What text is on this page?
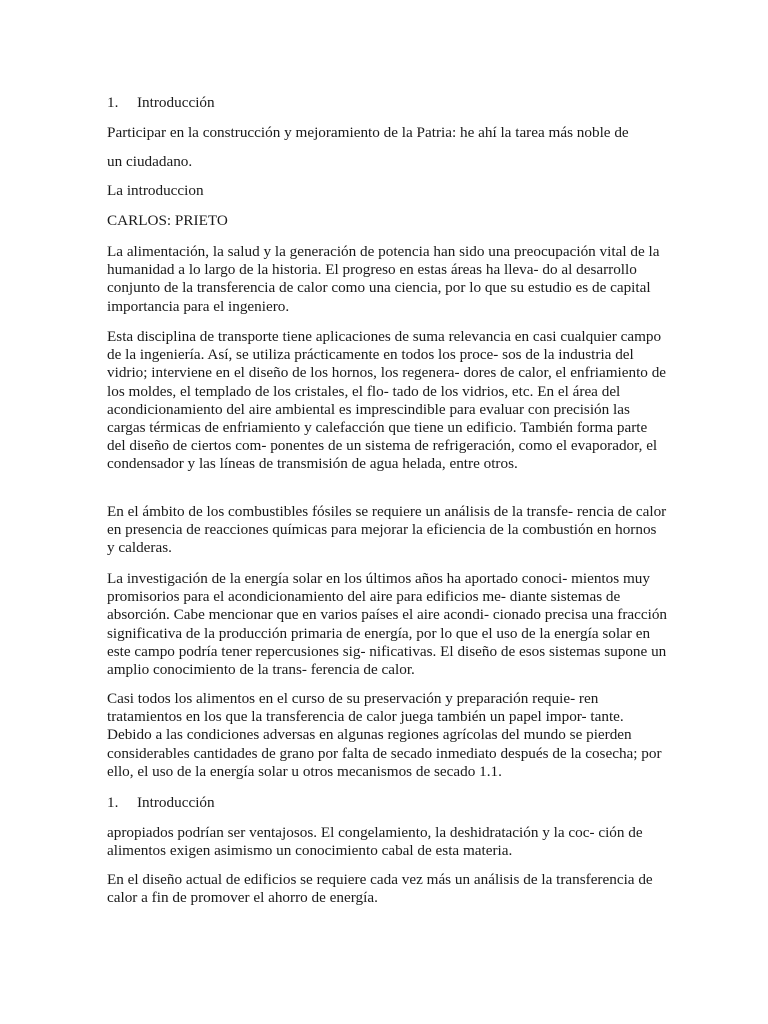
1.	Introducción

Participar en la construcción y mejoramiento de la Patria: he ahí la tarea más noble de

un ciudadano.

La introduccion

CARLOS: PRIETO

La alimentación, la salud y la generación de potencia han sido una preocupación vital de la humanidad a lo largo de la historia. El progreso en estas áreas ha lleva- do al desarrollo conjunto de la transferencia de calor como una ciencia, por lo que su estudio es de capital importancia para el ingeniero.

Esta disciplina de transporte tiene aplicaciones de suma relevancia en casi cualquier campo de la ingeniería. Así, se utiliza prácticamente en todos los proce- sos de la industria del vidrio; interviene en el diseño de los hornos, los regenera- dores de calor, el enfriamiento de los moldes, el templado de los cristales, el flo- tado de los vidrios, etc. En el área del acondicionamiento del aire ambiental es imprescindible para evaluar con precisión las cargas térmicas de enfriamiento y calefacción que tiene un edificio. También forma parte del diseño de ciertos com- ponentes de un sistema de refrigeración, como el evaporador, el condensador y las líneas de transmisión de agua helada, entre otros.

En el ámbito de los combustibles fósiles se requiere un análisis de la transfe- rencia de calor en presencia de reacciones químicas para mejorar la eficiencia de la combustión en hornos y calderas.

La investigación de la energía solar en los últimos años ha aportado conoci- mientos muy promisorios para el acondicionamiento del aire para edificios me- diante sistemas de absorción. Cabe mencionar que en varios países el aire acondi- cionado precisa una fracción significativa de la producción primaria de energía, por lo que el uso de la energía solar en este campo podría tener repercusiones sig- nificativas. El diseño de esos sistemas supone un amplio conocimiento de la trans- ferencia de calor.

Casi todos los alimentos en el curso de su preservación y preparación requie- ren tratamientos en los que la transferencia de calor juega también un papel impor- tante. Debido a las condiciones adversas en algunas regiones agrícolas del mundo se pierden considerables cantidades de grano por falta de secado inmediato después de la cosecha; por ello, el uso de la energía solar u otros mecanismos de secado 1.1.

1.	Introducción

apropiados podrían ser ventajosos. El congelamiento, la deshidratación y la coc- ción de alimentos exigen asimismo un conocimiento cabal de esta materia.

En el diseño actual de edificios se requiere cada vez más un análisis de la transferencia de calor a fin de promover el ahorro de energía.
